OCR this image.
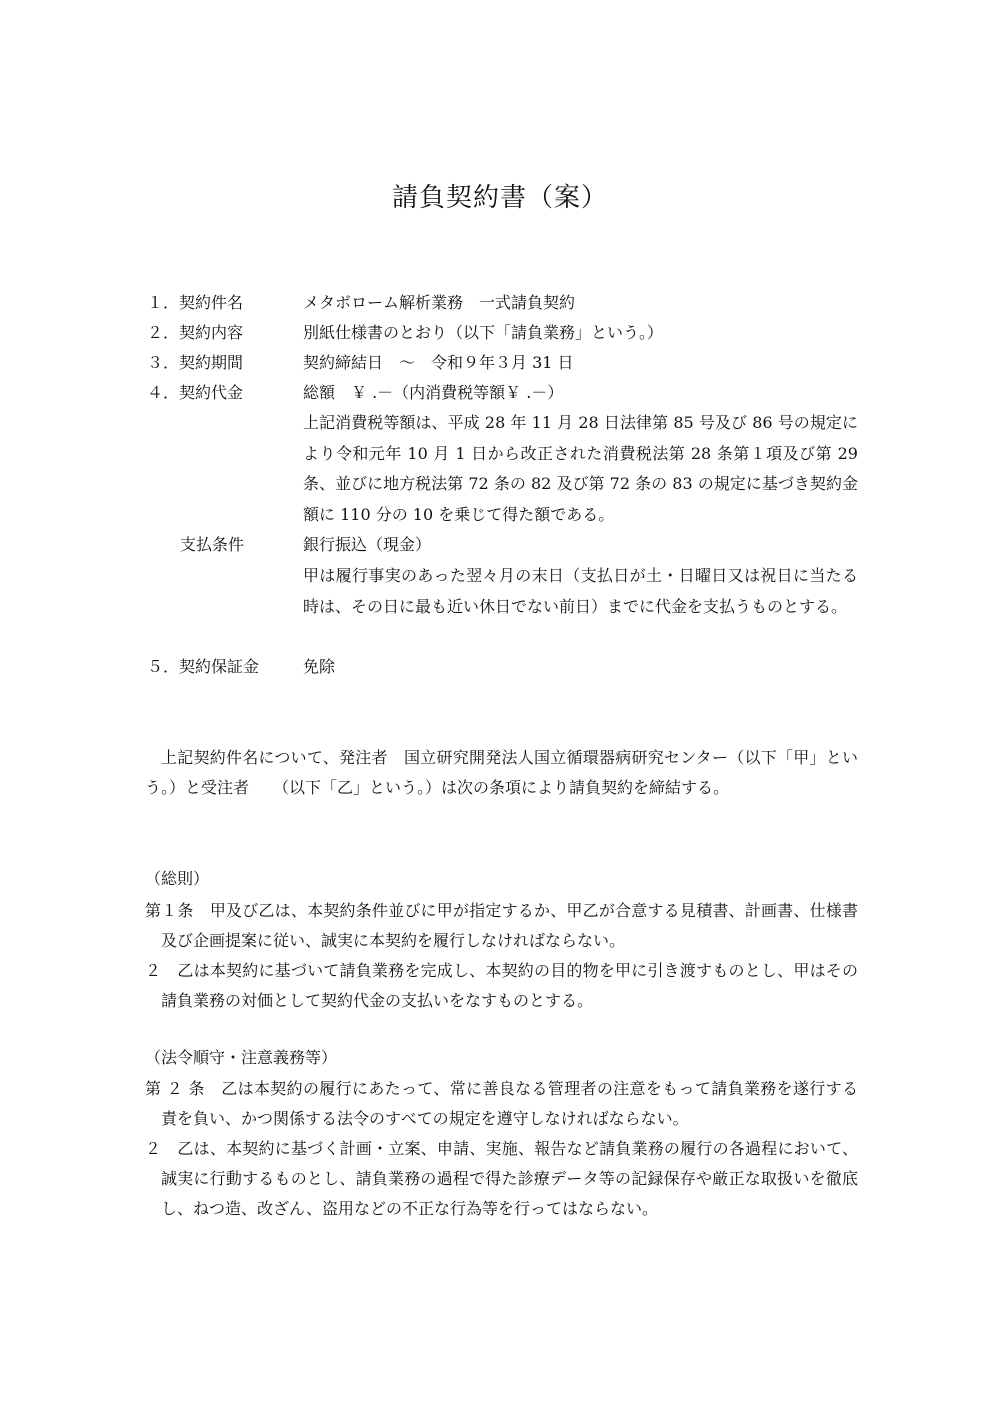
請負契約書（案）
１． 契約件名	メタボローム解析業務　一式請負契約
２． 契約内容	別紙仕様書のとおり（以下「請負業務」という。）
３． 契約期間	契約締結日　～　令和９年３月 31 日
４． 契約代金	総額　￥ .－（内消費税等額￥ .－）
上記消費税等額は、平成 28 年 11 月 28 日法律第 85 号及び 86 号の規定により令和元年 10 月 1 日から改正された消費税法第 28 条第１項及び第 29 条、並びに地方税法第 72 条の 82 及び第 72 条の 83 の規定に基づき契約金額に 110 分の 10 を乗じて得た額である。
支払条件	銀行振込（現金）
甲は履行事実のあった翌々月の末日（支払日が土・日曜日又は祝日に当たる時は、その日に最も近い休日でない前日）までに代金を支払うものとする。
５． 契約保証金	免除
上記契約件名について、発注者　国立研究開発法人国立循環器病研究センター（以下「甲」という。）と受注者　　（以下「乙」という。）は次の条項により請負契約を締結する。
（総則）
第１条　甲及び乙は、本契約条件並びに甲が指定するか、甲乙が合意する見積書、計画書、仕様書及び企画提案に従い、誠実に本契約を履行しなければならない。
２　乙は本契約に基づいて請負業務を完成し、本契約の目的物を甲に引き渡すものとし、甲はその請負業務の対価として契約代金の支払いをなすものとする。
（法令順守・注意義務等）
第 ２ 条　乙は本契約の履行にあたって、常に善良なる管理者の注意をもって請負業務を遂行する責を負い、かつ関係する法令のすべての規定を遵守しなければならない。
２　乙は、本契約に基づく計画・立案、申請、実施、報告など請負業務の履行の各過程において、誠実に行動するものとし、請負業務の過程で得た診療データ等の記録保存や厳正な取扱いを徹底し、ねつ造、改ざん、盗用などの不正な行為等を行ってはならない。
